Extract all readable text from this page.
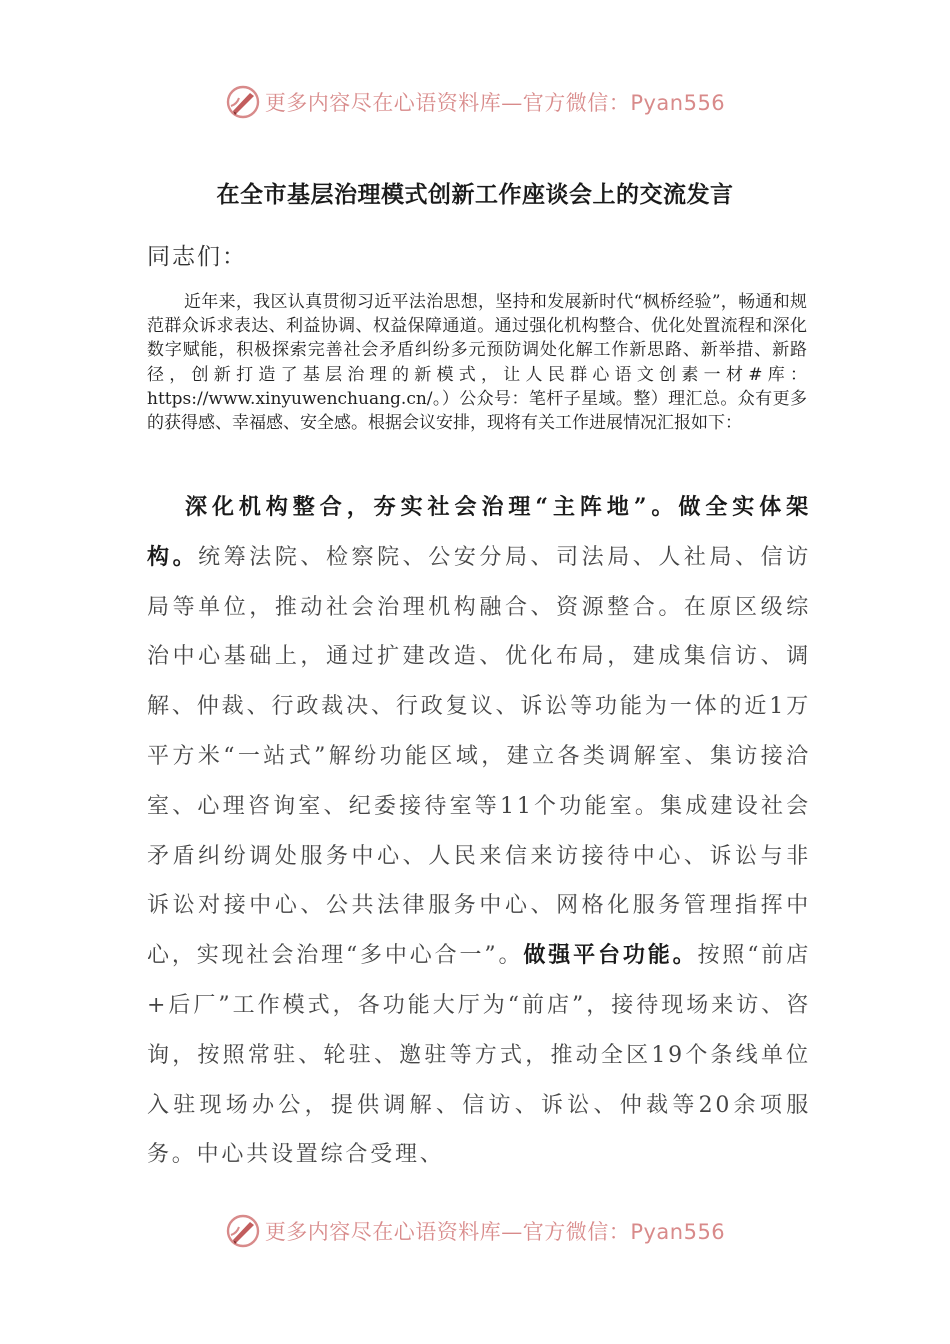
更多内容尽在心语资料库—官方微信：Pyan556
在全市基层治理模式创新工作座谈会上的交流发言
同志们：

近年来，我区认真贯彻习近平法治思想，坚持和发展新时代“枫桥经验”，畅通和规范群众诉求表达、利益协调、权益保障通道。通过强化机构整合、优化处置流程和深化数字赋能，积极探索完善社会矛盾纠纷多元预防调处化解工作新思路、新举措、新路径，创新打造了基层治理的新模式，让人民群心语文创素一材#库：https://www.xinyuwenchuang.cn/。）公众号：笔杆子星域。整）理汇总。众有更多的获得感、幸福感、安全感。根据会议安排，现将有关工作进展情况汇报如下：

深化机构整合，夯实社会治理“主阵地”。做全实体架构。统筹法院、检察院、公安分局、司法局、人社局、信访局等单位，推动社会治理机构融合、资源整合。在原区级综治中心基础上，通过扩建改造、优化布局，建成集信访、调解、仲裁、行政裁决、行政复议、诉讼等功能为一体的近1万平方米“一站式”解纷功能区域，建立各类调解室、集访接洽室、心理咨询室、纪委接待室等11个功能室。集成建设社会矛盾纠纷调处服务中心、人民来信来访接待中心、诉讼与非诉讼对接中心、公共法律服务中心、网格化服务管理指挥中心，实现社会治理“多中心合一”。做强平台功能。按照“前店+后厂”工作模式，各功能大厅为“前店”，接待现场来访、咨询，按照常驻、轮驻、邀驻等方式，推动全区19个条线单位入驻现场办公，提供调解、信访、诉讼、仲裁等20余项服务。中心共设置综合受理、

更多内容尽在心语资料库—官方微信：Pyan556
